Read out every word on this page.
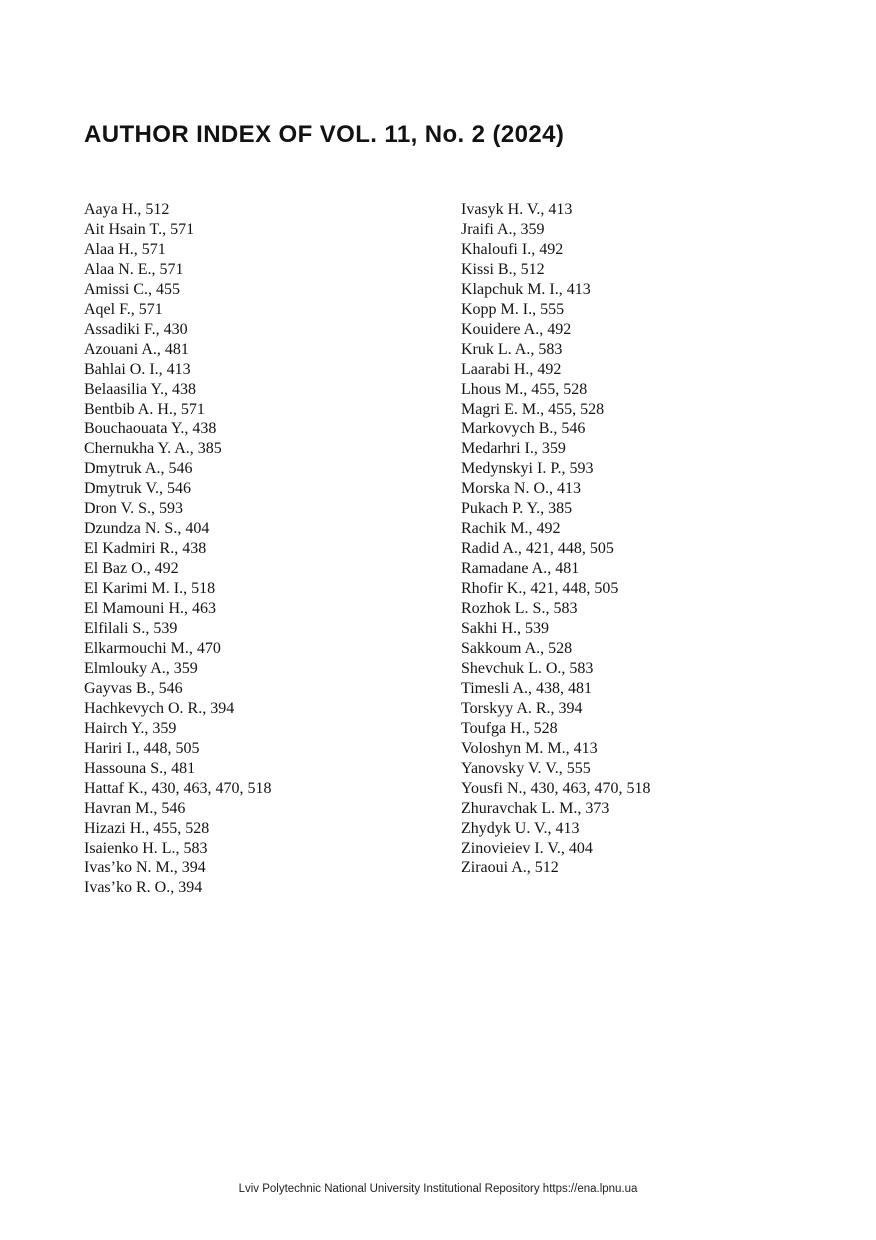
AUTHOR INDEX OF VOL. 11, No. 2 (2024)
Aaya H., 512
Ait Hsain T., 571
Alaa H., 571
Alaa N. E., 571
Amissi C., 455
Aqel F., 571
Assadiki F., 430
Azouani A., 481
Bahlai O. I., 413
Belaasilia Y., 438
Bentbib A. H., 571
Bouchaouata Y., 438
Chernukha Y. A., 385
Dmytruk A., 546
Dmytruk V., 546
Dron V. S., 593
Dzundza N. S., 404
El Kadmiri R., 438
El Baz O., 492
El Karimi M. I., 518
El Mamouni H., 463
Elfilali S., 539
Elkarmouchi M., 470
Elmlouky A., 359
Gayvas B., 546
Hachkevych O. R., 394
Hairch Y., 359
Hariri I., 448, 505
Hassouna S., 481
Hattaf K., 430, 463, 470, 518
Havran M., 546
Hizazi H., 455, 528
Isaienko H. L., 583
Ivas’ko N. M., 394
Ivas’ko R. O., 394
Ivasyk H. V., 413
Jraifi A., 359
Khaloufi I., 492
Kissi B., 512
Klapchuk M. I., 413
Kopp M. I., 555
Kouidere A., 492
Kruk L. A., 583
Laarabi H., 492
Lhous M., 455, 528
Magri E. M., 455, 528
Markovych B., 546
Medarhri I., 359
Medynskyi I. P., 593
Morska N. O., 413
Pukach P. Y., 385
Rachik M., 492
Radid A., 421, 448, 505
Ramadane A., 481
Rhofir K., 421, 448, 505
Rozhok L. S., 583
Sakhi H., 539
Sakkoum A., 528
Shevchuk L. O., 583
Timesli A., 438, 481
Torskyy A. R., 394
Toufga H., 528
Voloshyn M. M., 413
Yanovsky V. V., 555
Yousfi N., 430, 463, 470, 518
Zhuravchak L. M., 373
Zhydyk U. V., 413
Zinovieiev I. V., 404
Ziraoui A., 512
Lviv Polytechnic National University Institutional Repository https://ena.lpnu.ua
